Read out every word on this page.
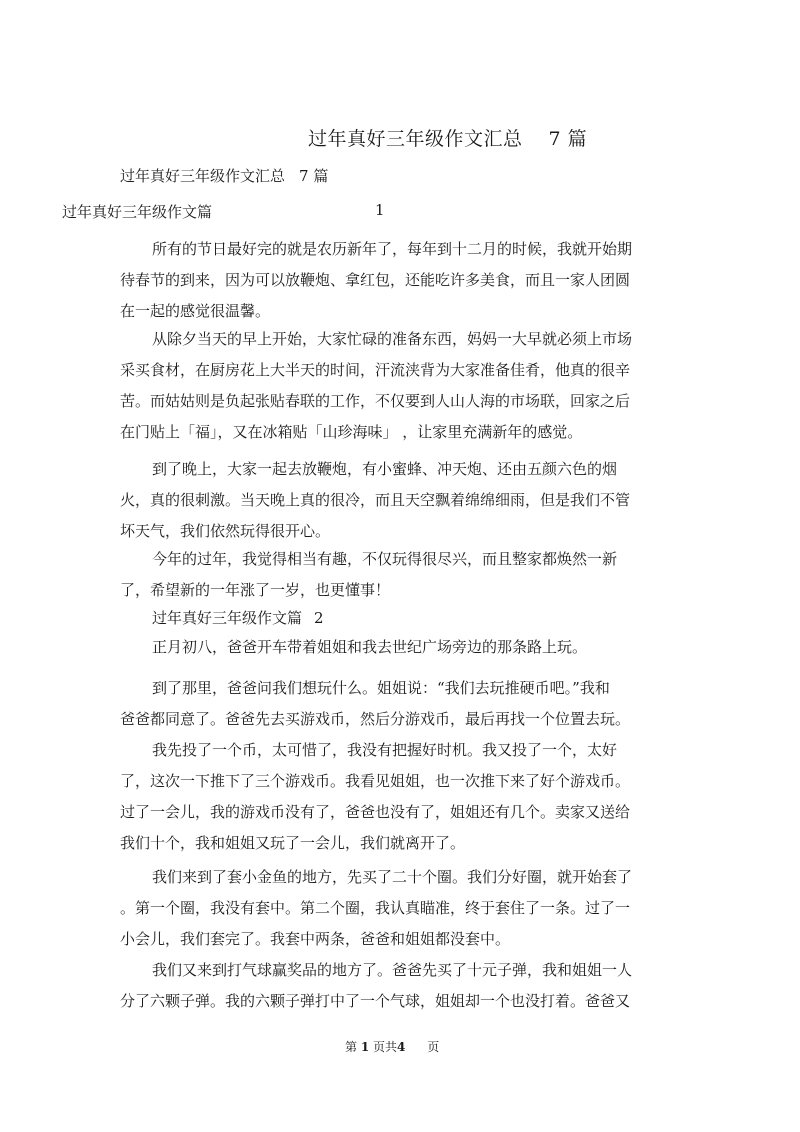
过年真好三年级作文汇总 7 篇
过年真好三年级作文汇总 7 篇
过年真好三年级作文篇	1
所有的节日最好完的就是农历新年了，每年到十二月的时候，我就开始期
待春节的到来，因为可以放鞭炮、拿红包，还能吃许多美食，而且一家人团圆
在一起的感觉很温馨。
从除夕当天的早上开始，大家忙碌的准备东西，妈妈一大早就必须上市场
采买食材，在厨房花上大半天的时间，汗流浃背为大家准备佳肴，他真的很辛
苦。而姑姑则是负起张贴春联的工作，不仅要到人山人海的市场联，回家之后
在门贴上「福」，又在冰箱贴「山珍海味」 ，让家里充满新年的感觉。
到了晚上，大家一起去放鞭炮，有小蜜蜂、冲天炮、还由五颜六色的烟
火，真的很刺激。当天晚上真的很冷，而且天空飘着绵绵细雨，但是我们不管
坏天气，我们依然玩得很开心。
今年的过年，我觉得相当有趣，不仅玩得很尽兴，而且整家都焕然一新
了，希望新的一年涨了一岁，也更懂事！
过年真好三年级作文篇 2
正月初八，爸爸开车带着姐姐和我去世纪广场旁边的那条路上玩。
到了那里，爸爸问我们想玩什么。姐姐说：“我们去玩推硬币吧。”我和
爸爸都同意了。爸爸先去买游戏币，然后分游戏币，最后再找一个位置去玩。
我先投了一个币，太可惜了，我没有把握好时机。我又投了一个，太好
了，这次一下推下了三个游戏币。我看见姐姐，也一次推下来了好个游戏币。
过了一会儿，我的游戏币没有了，爸爸也没有了，姐姐还有几个。卖家又送给
我们十个，我和姐姐又玩了一会儿，我们就离开了。
我们来到了套小金鱼的地方，先买了二十个圈。我们分好圈，就开始套了
。第一个圈，我没有套中。第二个圈，我认真瞄准，终于套住了一条。过了一
小会儿，我们套完了。我套中两条，爸爸和姐姐都没套中。
我们又来到打气球赢奖品的地方了。爸爸先买了十元子弹，我和姐姐一人
分了六颗子弹。我的六颗子弹打中了一个气球，姐姐却一个也没打着。爸爸又
第 1 页共4 页
